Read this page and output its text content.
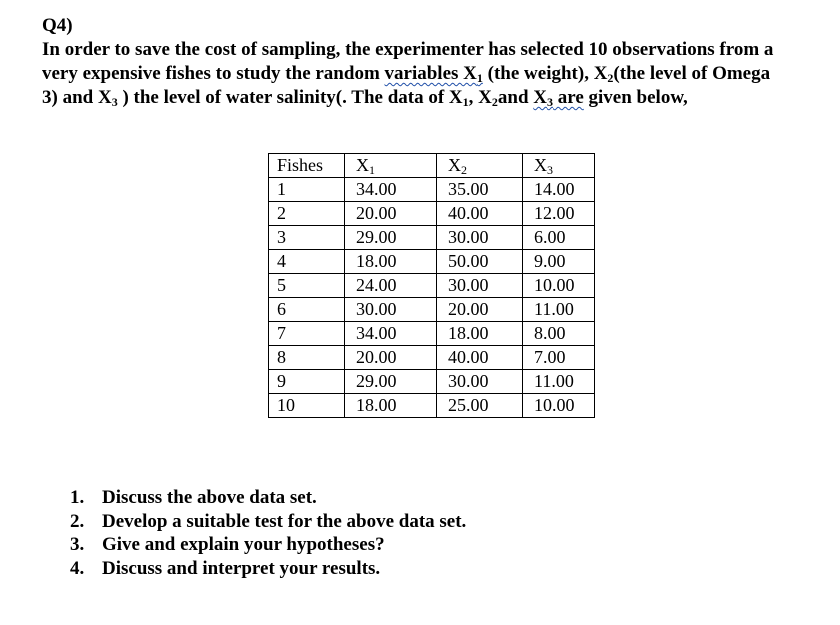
Q4)
In order to save the cost of sampling, the experimenter has selected 10 observations from a
very expensive fishes to study the random variables $X_1$ (the weight), $X_2(the$ level of Omega
3) and $X_3$ ) the level of water salinity(. The data of $X_1$, $X_2and$ $X_3$ are given below,
Fishes	$X_1$	$X_2$	$X_3$
1	34.00	35.00	14.00
2	20.00	40.00	12.00
3	29.00	30.00	6.00
4	18.00	50.00	9.00
5	24.00	30.00	10.00
6	30.00	20.00	11.00
7	34.00	18.00	8.00
8	20.00	40.00	7.00
9	29.00	30.00	11.00
10	18.00	25.00	10.00
1. Discuss the above data set.
2. Develop a suitable test for the above data set.
3. Give and explain your hypotheses?
4. Discuss and interpret your results.
